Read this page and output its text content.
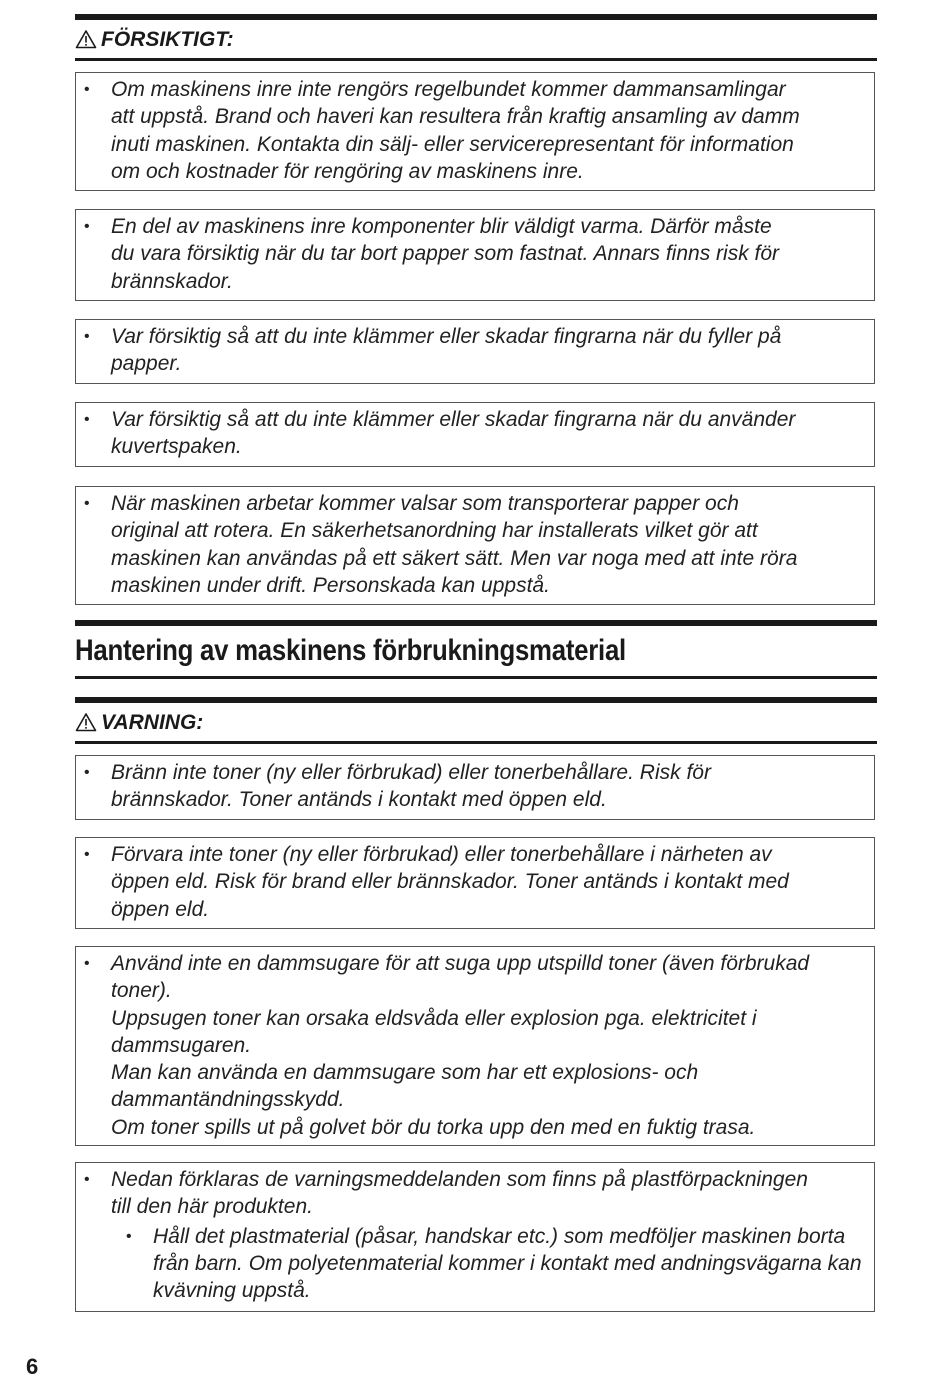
FÖRSIKTIGT:
• Om maskinens inre inte rengörs regelbundet kommer dammansamlingar
att uppstå. Brand och haveri kan resultera från kraftig ansamling av damm
inuti maskinen. Kontakta din sälj- eller servicerepresentant för information
om och kostnader för rengöring av maskinens inre.
• En del av maskinens inre komponenter blir väldigt varma. Därför måste
du vara försiktig när du tar bort papper som fastnat. Annars finns risk för
brännskador.
• Var försiktig så att du inte klämmer eller skadar fingrarna när du fyller på
papper.
• Var försiktig så att du inte klämmer eller skadar fingrarna när du använder
kuvertspaken.
• När maskinen arbetar kommer valsar som transporterar papper och
original att rotera. En säkerhetsanordning har installerats vilket gör att
maskinen kan användas på ett säkert sätt. Men var noga med att inte röra
maskinen under drift. Personskada kan uppstå.
Hantering av maskinens förbrukningsmaterial
VARNING:
• Bränn inte toner (ny eller förbrukad) eller tonerbehållare. Risk för
brännskador. Toner antänds i kontakt med öppen eld.
• Förvara inte toner (ny eller förbrukad) eller tonerbehållare i närheten av
öppen eld. Risk för brand eller brännskador. Toner antänds i kontakt med
öppen eld.
• Använd inte en dammsugare för att suga upp utspilld toner (även förbrukad
toner).
Uppsugen toner kan orsaka eldsvåda eller explosion pga. elektricitet i
dammsugaren.
Man kan använda en dammsugare som har ett explosions- och
dammantändningsskydd.
Om toner spills ut på golvet bör du torka upp den med en fuktig trasa.
• Nedan förklaras de varningsmeddelanden som finns på plastförpackningen
till den här produkten.
• Håll det plastmaterial (påsar, handskar etc.) som medföljer maskinen borta från barn. Om polyetenmaterial kommer i kontakt med andningsvägarna kan kvävning uppstå.
6
